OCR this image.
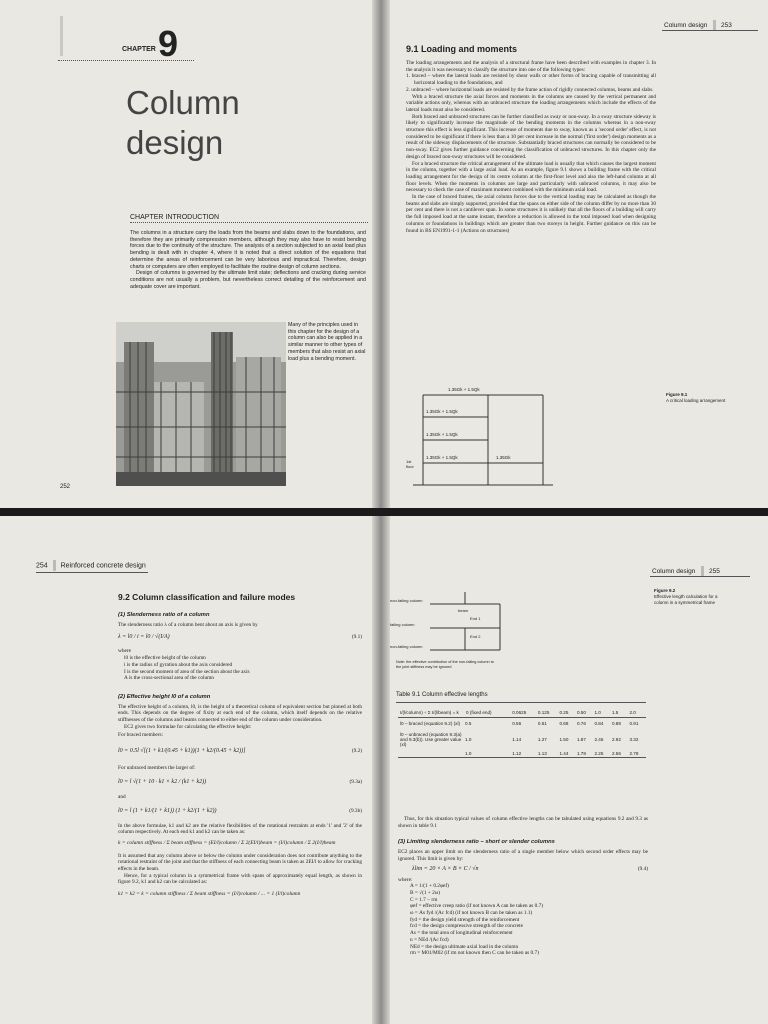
CHAPTER 9
Column
design
CHAPTER INTRODUCTION
The columns in a structure carry the loads from the beams and slabs down to the foundations, and therefore they are primarily compression members, although they may also have to resist bending forces due to the continuity of the structure. The analysis of a section subjected to an axial load plus bending is dealt with in chapter 4, where it is noted that a direct solution of the equations that determine the areas of reinforcement can be very laborious and impractical. Therefore, design charts or computers are often employed to facilitate the routine design of column sections.
Design of columns is governed by the ultimate limit state; deflections and cracking during service conditions are not usually a problem, but nevertheless correct detailing of the reinforcement and adequate cover are important.
Many of the principles used in this chapter for the design of a column can also be applied in a similar manner to other types of members that also resist an axial load plus a bending moment.
252
Column design 253
9.1 Loading and moments
The loading arrangements and the analysis of a structural frame have been described with examples in chapter 3. In the analysis it was necessary to classify the structure into one of the following types:
1. braced – where the lateral loads are resisted by shear walls or other forms of bracing capable of transmitting all horizontal loading to the foundations, and
2. unbraced – where horizontal loads are resisted by the frame action of rigidly connected columns, beams and slabs.
With a braced structure the axial forces and moments in the columns are caused by the vertical permanent and variable actions only, whereas with an unbraced structure the loading arrangements which include the effects of the lateral loads must also be considered.
Both braced and unbraced structures can be further classified as sway or non-sway. In a sway structure sideway is likely to significantly increase the magnitude of the bending moments in the columns whereas in a non-sway structure this effect is less significant. This increase of moments due to sway, known as a 'second order' effect, is not considered to be significant if there is less than a 10 per cent increase in the normal ('first order') design moments as a result of the sideway displacements of the structure. Substantially braced structures can normally be considered to be non-sway. EC2 gives further guidance concerning the classification of unbraced structures. In this chapter only the design of braced non-sway structures will be considered.
For a braced structure the critical arrangement of the ultimate load is usually that which causes the largest moment in the column, together with a large axial load. As an example, figure 9.1 shows a building frame with the critical loading arrangement for the design of its centre column at the first-floor level and also the left-hand column at all floor levels. When the moments in columns are large and particularly with unbraced columns, it may also be necessary to check the case of maximum moment combined with the minimum axial load.
In the case of braced frames, the axial column forces due to the vertical loading may be calculated as though the beams and slabs are simply supported, provided that the spans on either side of the column differ by no more than 30 per cent and there is not a cantilever span. In some structures it is unlikely that all the floors of a building will carry the full imposed load at the same instant, therefore a reduction is allowed in the total imposed load when designing columns or foundations in buildings which are greater than two storeys in height. Further guidance on this can be found in BS EN1991-1-1 (Actions on structures)
1.35Gk + 1.5Qk
1.35Gk + 1.5Qk
1.35Gk + 1.5Qk
1.35Gk + 1.5Qk	1.35Gk
1st floor
Figure 9.1
A critical loading arrangement
254 Reinforced concrete design
9.2 Column classification and failure modes
(1) Slenderness ratio of a column
The slenderness ratio λ of a column bent about an axis is given by
λ = l0 / i = l0 / √(I/A)	(9.1)
where
l0 is the effective height of the column
i is the radius of gyration about the axis considered
I is the second moment of area of the section about the axis
A is the cross-sectional area of the column
(2) Effective height l0 of a column
The effective height of a column, l0, is the height of a theoretical column of equivalent section but pinned at both ends. This depends on the degree of fixity at each end of the column, which itself depends on the relative stiffnesses of the columns and beams connected to either end of the column under consideration.
EC2 gives two formulae for calculating the effective height:
For braced members:
l0 = 0.5l √[(1 + k1/(0.45 + k1))(1 + k2/(0.45 + k2))]	(9.2)
For unbraced members the larger of:
l0 = l √(1 + 10 · k1 × k2 / (k1 + k2))	(9.3a)
and
l0 = l (1 + k1/(1 + k1)) (1 + k2/(1 + k2))	(9.3b)
In the above formulae, k1 and k2 are the relative flexibilities of the rotational restraints at ends '1' and '2' of the column respectively. At each end k1 and k2 can be taken as:
k = column stiffness / Σ beam stiffness = (EI/l)column / Σ 2(EI/l)beam = (I/l)column / Σ 2(I/l)beam
It is assumed that any column above or below the column under consideration does not contribute anything to the rotational restraint of the joint and that the stiffness of each connecting beam is taken as 2EI/l to allow for cracking effects in the beam.
Hence, for a typical column in a symmetrical frame with spans of approximately equal length, as shown in figure 9.2, k1 and k2 can be calculated as:
k1 = k2 = k = column stiffness / Σ beam stiffness = (I/l)column / ... = 1 (I/l)column
Column design 255
non-failing column
beam
End 1
failing column
End 2
non-failing column
Note: the effective contribution of the non-failing column to the joint stiffness may be ignored
Figure 9.2
Effective length calculation for a column in a symmetrical frame
Table 9.1 Column effective lengths
I/(l/column) ÷ Σ I/(l/beam) = k	0 (fixed end)	0.0625	0.125	0.25	0.50	1.0	1.5	2.0
l0 – braced (equation 9.2) (xl)	0.5	0.56	0.61	0.68	0.76	0.84	0.88	0.91
l0 – unbraced (equation 9.3(a) and 9.3(b)). Use greater value (xl)	1.0	1.14	1.27	1.50	1.87	2.45	2.92	3.32
	1.0	1.12	1.13	1.44	1.78	2.25	2.56	2.78
Thus, for this situation typical values of column effective lengths can be tabulated using equations 9.2 and 9.3 as shown in table 9.1
(3) Limiting slenderness ratio – short or slender columns
EC2 places an upper limit on the slenderness ratio of a single member below which second order effects may be ignored. This limit is given by:
λlim = 20 × A × B × C / √n	(9.4)
where:
A = 1/(1 + 0.2φef)
B = √(1 + 2ω)
C = 1.7 − rm
φef = effective creep ratio (if not known A can be taken as 0.7)
ω = As fyd /(Ac fcd) (if not known B can be taken as 1.1)
fyd = the design yield strength of the reinforcement
fcd = the design compressive strength of the concrete
As = the total area of longitudinal reinforcement
n = NEd /(Ac fcd)
NEd = the design ultimate axial load in the column
rm = M01/M02 (if rm not known then C can be taken as 0.7)
